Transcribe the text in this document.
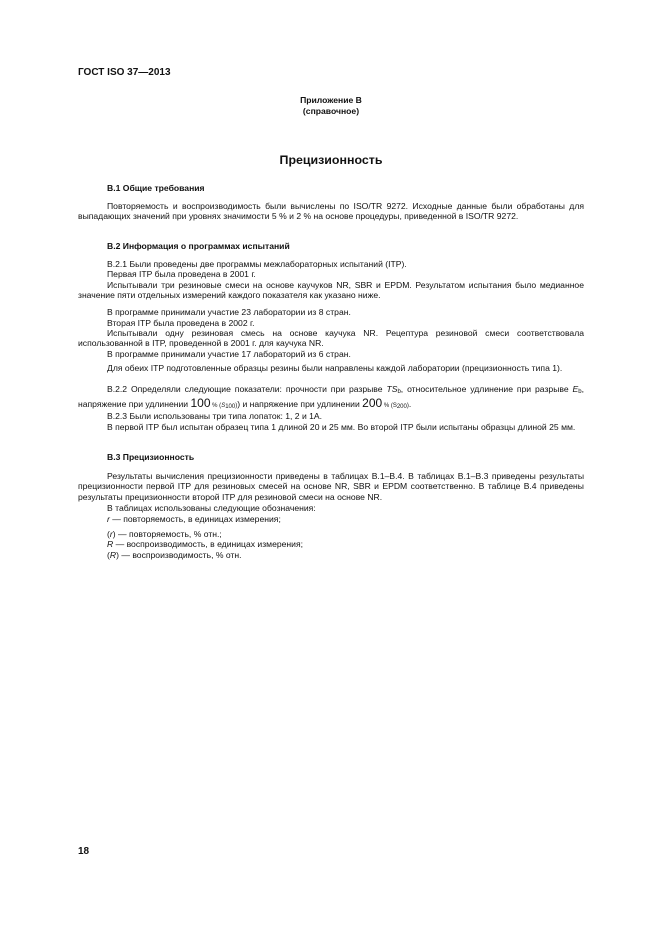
ГОСТ ISO 37—2013
Приложение В
(справочное)
Прецизионность
В.1 Общие требования
Повторяемость и воспроизводимость были вычислены по ISO/TR 9272. Исходные данные были обработаны для выпадающих значений при уровнях значимости 5 % и 2 % на основе процедуры, приведенной в ISO/TR 9272.
В.2 Информация о программах испытаний
В.2.1 Были проведены две программы межлабораторных испытаний (ITP).
Первая ITP была проведена в 2001 г.
Испытывали три резиновые смеси на основе каучуков NR, SBR и EPDM. Результатом испытания было медианное значение пяти отдельных измерений каждого показателя как указано ниже.
В программе принимали участие 23 лаборатории из 8 стран.
Вторая ITP была проведена в 2002 г.
Испытывали одну резиновая смесь на основе каучука NR. Рецептура резиновой смеси соответствовала использованной в ITP, проведенной в 2001 г. для каучука NR.
В программе принимали участие 17 лабораторий из 6 стран.
Для обеих ITP подготовленные образцы резины были направлены каждой лаборатории (прецизионность типа 1).
В.2.2 Определяли следующие показатели: прочности при разрыве $TS_b$, относительное удлинение при разрыве $E_b$, напряжение при удлинении 100 % $(S_{100})$) и напряжение при удлинении 200 % $(S_{200})$.
В.2.3 Были использованы три типа лопаток: 1, 2 и 1А.
В первой ITP был испытан образец типа 1 длиной 20 и 25 мм. Во второй ITP были испытаны образцы длиной 25 мм.
В.3 Прецизионность
Результаты вычисления прецизионности приведены в таблицах В.1–В.4. В таблицах В.1–В.3 приведены результаты прецизионности первой ITP для резиновых смесей на основе NR, SBR и EPDM соответственно. В таблице В.4 приведены результаты прецизионности второй ITP для резиновой смеси на основе NR.
В таблицах использованы следующие обозначения:
r — повторяемость, в единицах измерения;
(r) — повторяемость, % отн.;
R — воспроизводимость, в единицах измерения;
(R) — воспроизводимость, % отн.
18
